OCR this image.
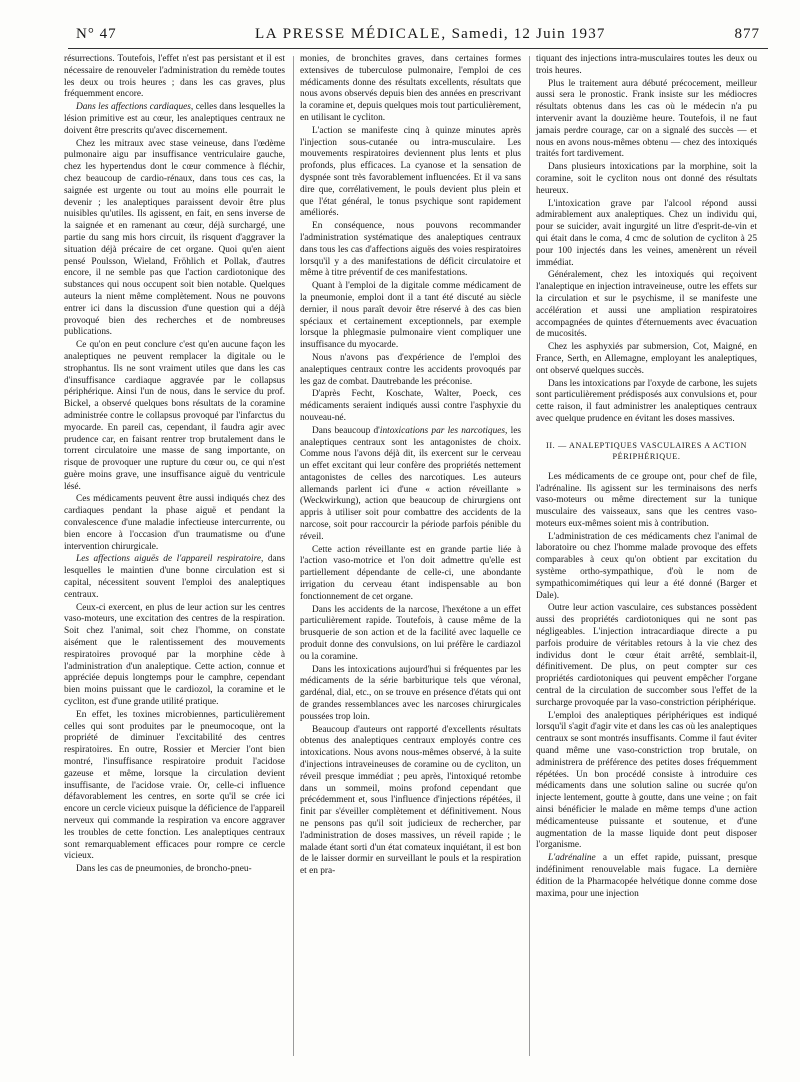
N° 47	LA PRESSE MÉDICALE, Samedi, 12 Juin 1937	877

résurrections. Toutefois, l'effet n'est pas persistant et il est nécessaire de renouveler l'administration du remède toutes les deux ou trois heures ; dans les cas graves, plus fréquemment encore.

Dans les affections cardiaques, celles dans lesquelles la lésion primitive est au cœur, les analeptiques centraux ne doivent être prescrits qu'avec discernement.

Chez les mitraux avec stase veineuse, dans l'œdème pulmonaire aigu par insuffisance ventriculaire gauche, chez les hypertendus dont le cœur commence à fléchir, chez beaucoup de cardio-rénaux, dans tous ces cas, la saignée est urgente ou tout au moins elle pourrait le devenir ; les analeptiques paraissent devoir être plus nuisibles qu'utiles. Ils agissent, en fait, en sens inverse de la saignée et en ramenant au cœur, déjà surchargé, une partie du sang mis hors circuit, ils risquent d'aggraver la situation déjà précaire de cet organe. Quoi qu'en aient pensé Poulsson, Wieland, Fröhlich et Pollak, d'autres encore, il ne semble pas que l'action cardiotonique des substances qui nous occupent soit bien notable. Quelques auteurs la nient même complètement. Nous ne pouvons entrer ici dans la discussion d'une question qui a déjà provoqué bien des recherches et de nombreuses publications.

Ce qu'on en peut conclure c'est qu'en aucune façon les analeptiques ne peuvent remplacer la digitale ou le strophantus. Ils ne sont vraiment utiles que dans les cas d'insuffisance cardiaque aggravée par le collapsus périphérique. Ainsi l'un de nous, dans le service du prof. Bickel, a observé quelques bons résultats de la coramine administrée contre le collapsus provoqué par l'infarctus du myocarde. En pareil cas, cependant, il faudra agir avec prudence car, en faisant rentrer trop brutalement dans le torrent circulatoire une masse de sang importante, on risque de provoquer une rupture du cœur ou, ce qui n'est guère moins grave, une insuffisance aiguë du ventricule lésé.

Ces médicaments peuvent être aussi indiqués chez des cardiaques pendant la phase aiguë et pendant la convalescence d'une maladie infectieuse intercurrente, ou bien encore à l'occasion d'un traumatisme ou d'une intervention chirurgicale.

Les affections aiguës de l'appareil respiratoire, dans lesquelles le maintien d'une bonne circulation est si capital, nécessitent souvent l'emploi des analeptiques centraux.

Ceux-ci exercent, en plus de leur action sur les centres vaso-moteurs, une excitation des centres de la respiration. Soit chez l'animal, soit chez l'homme, on constate aisément que le ralentissement des mouvements respiratoires provoqué par la morphine cède à l'administration d'un analeptique. Cette action, connue et appréciée depuis longtemps pour le camphre, cependant bien moins puissant que le cardiozol, la coramine et le cycliton, est d'une grande utilité pratique.

En effet, les toxines microbiennes, particulièrement celles qui sont produites par le pneumocoque, ont la propriété de diminuer l'excitabilité des centres respiratoires. En outre, Rossier et Mercier l'ont bien montré, l'insuffisance respiratoire produit l'acidose gazeuse et même, lorsque la circulation devient insuffisante, de l'acidose vraie. Or, celle-ci influence défavorablement les centres, en sorte qu'il se crée ici encore un cercle vicieux puisque la déficience de l'appareil nerveux qui commande la respiration va encore aggraver les troubles de cette fonction. Les analeptiques centraux sont remarquablement efficaces pour rompre ce cercle vicieux.

Dans les cas de pneumonies, de broncho-pneu-

monies, de bronchites graves, dans certaines formes extensives de tuberculose pulmonaire, l'emploi de ces médicaments donne des résultats excellents, résultats que nous avons observés depuis bien des années en prescrivant la coramine et, depuis quelques mois tout particulièrement, en utilisant le cycliton.

L'action se manifeste cinq à quinze minutes après l'injection sous-cutanée ou intra-musculaire. Les mouvements respiratoires deviennent plus lents et plus profonds, plus efficaces. La cyanose et la sensation de dyspnée sont très favorablement influencées. Et il va sans dire que, corrélativement, le pouls devient plus plein et que l'état général, le tonus psychique sont rapidement améliorés.

En conséquence, nous pouvons recommander l'administration systématique des analeptiques centraux dans tous les cas d'affections aiguës des voies respiratoires lorsqu'il y a des manifestations de déficit circulatoire et même à titre préventif de ces manifestations.

Quant à l'emploi de la digitale comme médicament de la pneumonie, emploi dont il a tant été discuté au siècle dernier, il nous paraît devoir être réservé à des cas bien spéciaux et certainement exceptionnels, par exemple lorsque la phlegmasie pulmonaire vient compliquer une insuffisance du myocarde.

Nous n'avons pas d'expérience de l'emploi des analeptiques centraux contre les accidents provoqués par les gaz de combat. Dautrebande les préconise.

D'après Fecht, Koschate, Walter, Poeck, ces médicaments seraient indiqués aussi contre l'asphyxie du nouveau-né.

Dans beaucoup d'intoxications par les narcotiques, les analeptiques centraux sont les antagonistes de choix. Comme nous l'avons déjà dit, ils exercent sur le cerveau un effet excitant qui leur confère des propriétés nettement antagonistes de celles des narcotiques. Les auteurs allemands parlent ici d'une « action réveillante » (Weckwirkung), action que beaucoup de chirurgiens ont appris à utiliser soit pour combattre des accidents de la narcose, soit pour raccourcir la période parfois pénible du réveil.

Cette action réveillante est en grande partie liée à l'action vaso-motrice et l'on doit admettre qu'elle est partiellement dépendante de celle-ci, une abondante irrigation du cerveau étant indispensable au bon fonctionnement de cet organe.

Dans les accidents de la narcose, l'hexétone a un effet particulièrement rapide. Toutefois, à cause même de la brusquerie de son action et de la facilité avec laquelle ce produit donne des convulsions, on lui préfère le cardiazol ou la coramine.

Dans les intoxications aujourd'hui si fréquentes par les médicaments de la série barbiturique tels que véronal, gardénal, dial, etc., on se trouve en présence d'états qui ont de grandes ressemblances avec les narcoses chirurgicales poussées trop loin.

Beaucoup d'auteurs ont rapporté d'excellents résultats obtenus des analeptiques centraux employés contre ces intoxications. Nous avons nous-mêmes observé, à la suite d'injections intraveineuses de coramine ou de cycliton, un réveil presque immédiat ; peu après, l'intoxiqué retombe dans un sommeil, moins profond cependant que précédemment et, sous l'influence d'injections répétées, il finit par s'éveiller complètement et définitivement. Nous ne pensons pas qu'il soit judicieux de rechercher, par l'administration de doses massives, un réveil rapide ; le malade étant sorti d'un état comateux inquiétant, il est bon de le laisser dormir en surveillant le pouls et la respiration et en pra-

tiquant des injections intra-musculaires toutes les deux ou trois heures.

Plus le traitement aura débuté précocement, meilleur aussi sera le pronostic. Frank insiste sur les médiocres résultats obtenus dans les cas où le médecin n'a pu intervenir avant la douzième heure. Toutefois, il ne faut jamais perdre courage, car on a signalé des succès — et nous en avons nous-mêmes obtenu — chez des intoxiqués traités fort tardivement.

Dans plusieurs intoxications par la morphine, soit la coramine, soit le cycliton nous ont donné des résultats heureux.

L'intoxication grave par l'alcool répond aussi admirablement aux analeptiques. Chez un individu qui, pour se suicider, avait ingurgité un litre d'esprit-de-vin et qui était dans le coma, 4 cmc de solution de cycliton à 25 pour 100 injectés dans les veines, amenèrent un réveil immédiat.

Généralement, chez les intoxiqués qui reçoivent l'analeptique en injection intraveineuse, outre les effets sur la circulation et sur le psychisme, il se manifeste une accélération et aussi une ampliation respiratoires accompagnées de quintes d'éternuements avec évacuation de mucosités.

Chez les asphyxiés par submersion, Cot, Maigné, en France, Serth, en Allemagne, employant les analeptiques, ont observé quelques succès.

Dans les intoxications par l'oxyde de carbone, les sujets sont particulièrement prédisposés aux convulsions et, pour cette raison, il faut administrer les analeptiques centraux avec quelque prudence en évitant les doses massives.

II. — ANALEPTIQUES VASCULAIRES A ACTION PÉRIPHÉRIQUE.

Les médicaments de ce groupe ont, pour chef de file, l'adrénaline. Ils agissent sur les terminaisons des nerfs vaso-moteurs ou même directement sur la tunique musculaire des vaisseaux, sans que les centres vaso-moteurs eux-mêmes soient mis à contribution.

L'administration de ces médicaments chez l'animal de laboratoire ou chez l'homme malade provoque des effets comparables à ceux qu'on obtient par excitation du système ortho-sympathique, d'où le nom de sympathicomimétiques qui leur a été donné (Barger et Dale).

Outre leur action vasculaire, ces substances possèdent aussi des propriétés cardiotoniques qui ne sont pas négligeables. L'injection intracardiaque directe a pu parfois produire de véritables retours à la vie chez des individus dont le cœur était arrêté, semblait-il, définitivement. De plus, on peut compter sur ces propriétés cardiotoniques qui peuvent empêcher l'organe central de la circulation de succomber sous l'effet de la surcharge provoquée par la vaso-constriction périphérique.

L'emploi des analeptiques périphériques est indiqué lorsqu'il s'agit d'agir vite et dans les cas où les analeptiques centraux se sont montrés insuffisants. Comme il faut éviter quand même une vaso-constriction trop brutale, on administrera de préférence des petites doses fréquemment répétées. Un bon procédé consiste à introduire ces médicaments dans une solution saline ou sucrée qu'on injecte lentement, goutte à goutte, dans une veine ; on fait ainsi bénéficier le malade en même temps d'une action médicamenteuse puissante et soutenue, et d'une augmentation de la masse liquide dont peut disposer l'organisme.

L'adrénaline a un effet rapide, puissant, presque indéfiniment renouvelable mais fugace. La dernière édition de la Pharmacopée helvétique donne comme dose maxima, pour une injection
